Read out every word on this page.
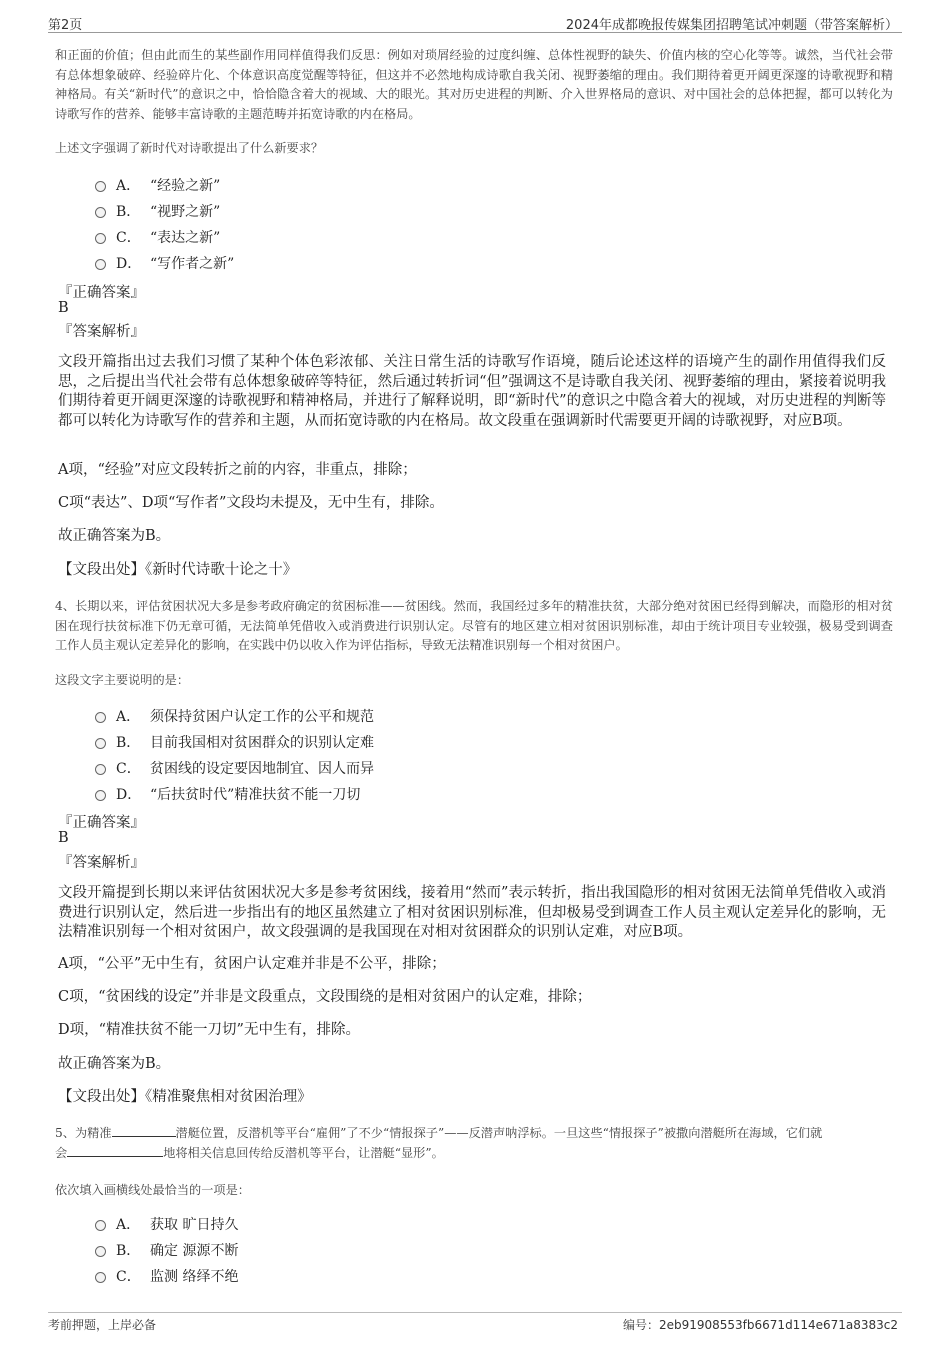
第2页	2024年成都晚报传媒集团招聘笔试冲刺题（带答案解析）
和正面的价值；但由此而生的某些副作用同样值得我们反思：例如对琐屑经验的过度纠缠、总体性视野的缺失、价值内核的空心化等等。诚然，当代社会带有总体想象破碎、经验碎片化、个体意识高度觉醒等特征，但这并不必然地构成诗歌自我关闭、视野萎缩的理由。我们期待着更开阔更深邃的诗歌视野和精神格局。有关“新时代”的意识之中，恰恰隐含着大的视域、大的眼光。其对历史进程的判断、介入世界格局的意识、对中国社会的总体把握，都可以转化为诗歌写作的营养、能够丰富诗歌的主题范畴并拓宽诗歌的内在格局。
上述文字强调了新时代对诗歌提出了什么新要求？
A． “经验之新”
B． “视野之新”
C． “表达之新”
D． “写作者之新”
『正确答案』
B
『答案解析』
文段开篇指出过去我们习惯了某种个体色彩浓郁、关注日常生活的诗歌写作语境，随后论述这样的语境产生的副作用值得我们反思，之后提出当代社会带有总体想象破碎等特征，然后通过转折词“但”强调这不是诗歌自我关闭、视野萎缩的理由，紧接着说明我们期待着更开阔更深邃的诗歌视野和精神格局，并进行了解释说明，即“新时代”的意识之中隐含着大的视域，对历史进程的判断等都可以转化为诗歌写作的营养和主题，从而拓宽诗歌的内在格局。故文段重在强调新时代需要更开阔的诗歌视野，对应B项。
A项，“经验”对应文段转折之前的内容，非重点，排除；
C项“表达”、D项“写作者”文段均未提及，无中生有，排除。
故正确答案为B。
【文段出处】《新时代诗歌十论之十》
4、长期以来，评估贫困状况大多是参考政府确定的贫困标准——贫困线。然而，我国经过多年的精准扶贫，大部分绝对贫困已经得到解决，而隐形的相对贫困在现行扶贫标准下仍无章可循，无法简单凭借收入或消费进行识别认定。尽管有的地区建立相对贫困识别标准，却由于统计项目专业较强，极易受到调查工作人员主观认定差异化的影响，在实践中仍以收入作为评估指标，导致无法精准识别每一个相对贫困户。
这段文字主要说明的是：
A． 须保持贫困户认定工作的公平和规范
B． 目前我国相对贫困群众的识别认定难
C． 贫困线的设定要因地制宜、因人而异
D． “后扶贫时代”精准扶贫不能一刀切
『正确答案』
B
『答案解析』
文段开篇提到长期以来评估贫困状况大多是参考贫困线，接着用“然而”表示转折，指出我国隐形的相对贫困无法简单凭借收入或消费进行识别认定，然后进一步指出有的地区虽然建立了相对贫困识别标准，但却极易受到调查工作人员主观认定差异化的影响，无法精准识别每一个相对贫困户，故文段强调的是我国现在对相对贫困群众的识别认定难，对应B项。
A项，“公平”无中生有，贫困户认定难并非是不公平，排除；
C项，“贫困线的设定”并非是文段重点，文段围绕的是相对贫困户的认定难，排除；
D项，“精准扶贫不能一刀切”无中生有，排除。
故正确答案为B。
【文段出处】《精准聚焦相对贫困治理》
5、为精准	潜艇位置，反潜机等平台“雇佣”了不少“情报探子”——反潜声呐浮标。一旦这些“情报探子”被撒向潜艇所在海域，它们就
会	地将相关信息回传给反潜机等平台，让潜艇“显形”。
依次填入画横线处最恰当的一项是：
A． 获取 旷日持久
B． 确定 源源不断
C． 监测 络绎不绝
考前押题，上岸必备	编号：2eb91908553fb6671d114e671a8383c2
